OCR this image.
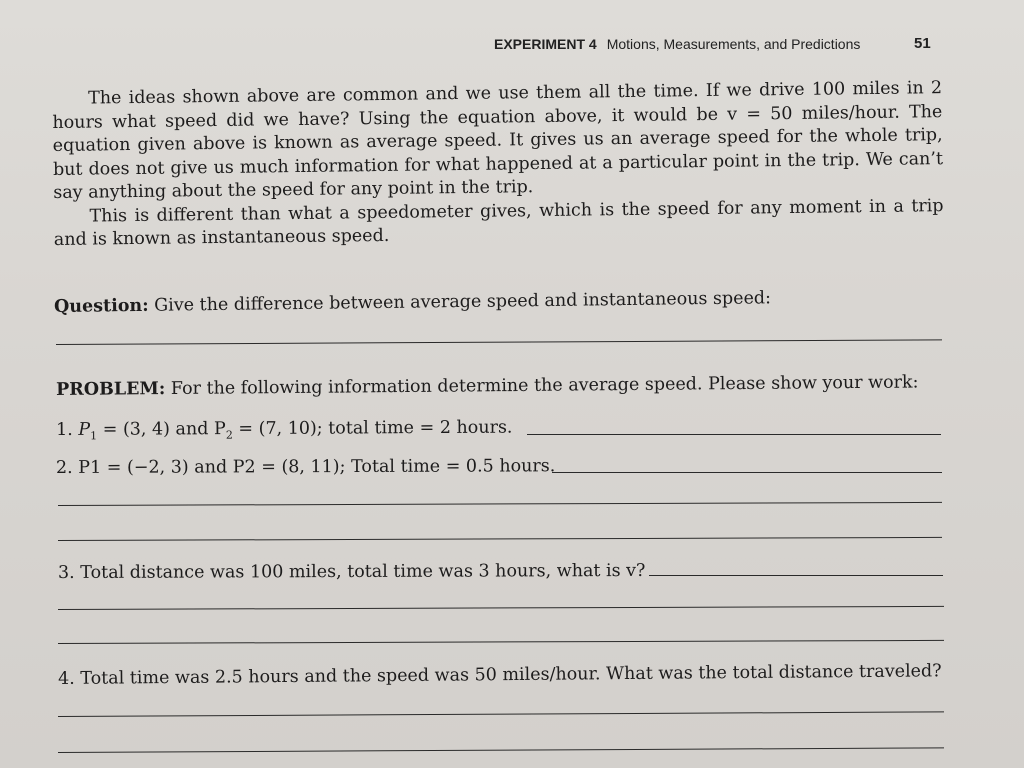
EXPERIMENT 4 Motions, Measurements, and Predictions	51

The ideas shown above are common and we use them all the time. If we drive 100 miles in 2 hours what speed did we have? Using the equation above, it would be v = 50 miles/hour. The equation given above is known as average speed. It gives us an average speed for the whole trip, but does not give us much information for what happened at a particular point in the trip. We can’t say anything about the speed for any point in the trip.

This is different than what a speedometer gives, which is the speed for any moment in a trip and is known as instantaneous speed.

Question: Give the difference between average speed and instantaneous speed:
PROBLEM: For the following information determine the average speed. Please show your work:
1. $P_1 = (3$, 4) and $P_2 = (7$, 10); total time = 2 hours.
2. P1 = (−2, 3) and P2 = (8, 11); Total time = 0.5 hours.
3. Total distance was 100 miles, total time was 3 hours, what is v?
4. Total time was 2.5 hours and the speed was 50 miles/hour. What was the total distance traveled?
